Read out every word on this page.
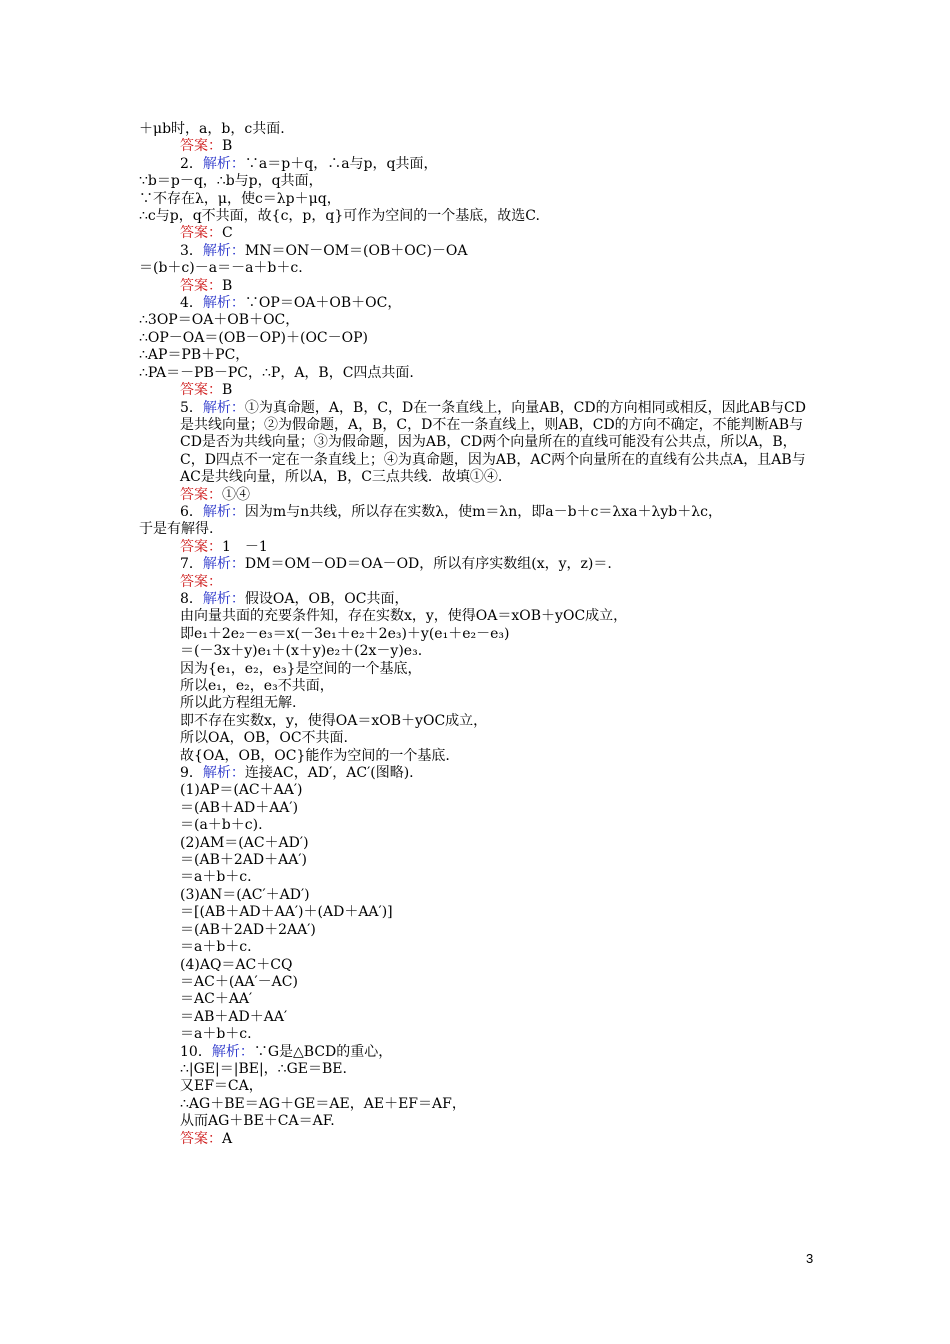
＋μb时，a，b，c共面.
答案：B
2．解析：∵a＝p＋q，∴a与p，q共面，
∵b＝p－q，∴b与p，q共面，
∵不存在λ，μ，使c＝λp＋μq，
∴c与p，q不共面，故{c，p，q}可作为空间的一个基底，故选C.
答案：C
3．解析：MN＝ON－OM＝(OB＋OC)－OA
＝(b＋c)－a＝－a＋b＋c.
答案：B
4．解析：∵OP＝OA＋OB＋OC，
∴3OP＝OA＋OB＋OC，
∴OP－OA＝(OB－OP)＋(OC－OP)
∴AP＝PB＋PC，
∴PA＝－PB－PC，∴P，A，B，C四点共面.
答案：B
5．解析：①为真命题，A，B，C，D在一条直线上，向量AB，CD的方向相同或相反，因此AB与CD是共线向量；②为假命题，A，B，C，D不在一条直线上，则AB，CD的方向不确定，不能判断AB与CD是否为共线向量；③为假命题，因为AB，CD两个向量所在的直线可能没有公共点，所以A，B，C，D四点不一定在一条直线上；④为真命题，因为AB，AC两个向量所在的直线有公共点A，且AB与AC是共线向量，所以A，B，C三点共线．故填①④.
答案：①④
6．解析：因为m与n共线，所以存在实数λ，使m＝λn，即a－b＋c＝λxa＋λyb＋λc，
于是有解得.
答案：1　－1
7．解析：DM＝OM－OD＝OA－OD，所以有序实数组(x，y，z)＝.
答案：
8．解析：假设OA，OB，OC共面，
由向量共面的充要条件知，存在实数x，y，使得OA＝xOB＋yOC成立，
即e₁＋2e₂－e₃＝x(－3e₁＋e₂＋2e₃)＋y(e₁＋e₂－e₃)
＝(－3x＋y)e₁＋(x＋y)e₂＋(2x－y)e₃.
因为{e₁，e₂，e₃}是空间的一个基底，
所以e₁，e₂，e₃不共面，
所以此方程组无解.
即不存在实数x，y，使得OA＝xOB＋yOC成立，
所以OA，OB，OC不共面.
故{OA，OB，OC}能作为空间的一个基底.
9．解析：连接AC，AD′，AC′(图略).
(1)AP＝(AC＋AA′)
＝(AB＋AD＋AA′)
＝(a＋b＋c).
(2)AM＝(AC＋AD′)
＝(AB＋2AD＋AA′)
＝a＋b＋c.
(3)AN＝(AC′＋AD′)
＝[(AB＋AD＋AA′)＋(AD＋AA′)]
＝(AB＋2AD＋2AA′)
＝a＋b＋c.
(4)AQ＝AC＋CQ
＝AC＋(AA′－AC)
＝AC＋AA′
＝AB＋AD＋AA′
＝a＋b＋c.
10．解析：∵G是△BCD的重心，
∴|GE|＝|BE|，∴GE＝BE.
又EF＝CA，
∴AG＋BE＝AG＋GE＝AE，AE＋EF＝AF，
从而AG＋BE＋CA＝AF.
答案：A
3
